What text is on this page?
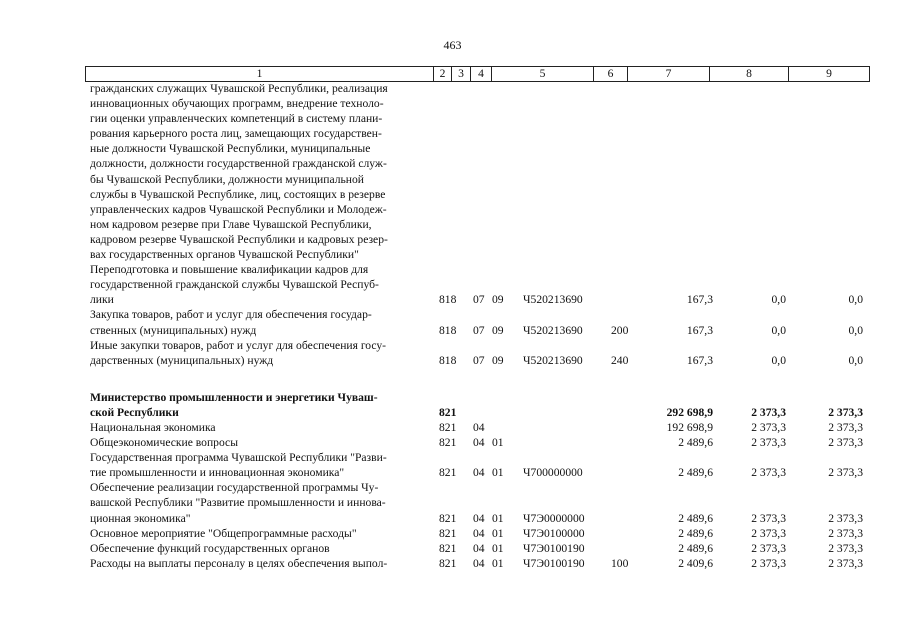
463
1	2	3	4	5	6	7	8	9
гражданских служащих Чувашской Республики, реализация
инновационных обучающих программ, внедрение техноло-
гии оценки управленческих компетенций в систему плани-
рования карьерного роста лиц, замещающих государствен-
ные должности Чувашской Республики, муниципальные
должности, должности государственной гражданской служ-
бы Чувашской Республики, должности муниципальной
службы в Чувашской Республике, лиц, состоящих в резерве
управленческих кадров Чувашской Республики и Молодеж-
ном кадровом резерве при Главе Чувашской Республики,
кадровом резерве Чувашской Республики и кадровых резер-
вах государственных органов Чувашской Республики"
Переподготовка и повышение квалификации кадров для
государственной гражданской службы Чувашской Респуб-
лики	818 07 09 Ч520213690	167,3	0,0	0,0
Закупка товаров, работ и услуг для обеспечения государ-
ственных (муниципальных) нужд	818 07 09 Ч520213690 200	167,3	0,0	0,0
Иные закупки товаров, работ и услуг для обеспечения госу-
дарственных (муниципальных) нужд	818 07 09 Ч520213690 240	167,3	0,0	0,0
Министерство промышленности и энергетики Чуваш-
ской Республики	821	292 698,9	2 373,3	2 373,3
Национальная экономика	821 04	192 698,9	2 373,3	2 373,3
Общеэкономические вопросы	821 04 01	2 489,6	2 373,3	2 373,3
Государственная программа Чувашской Республики "Разви-
тие промышленности и инновационная экономика"	821 04 01 Ч700000000	2 489,6	2 373,3	2 373,3
Обеспечение реализации государственной программы Чу-
вашской Республики "Развитие промышленности и иннова-
ционная экономика"	821 04 01 Ч7Э0000000	2 489,6	2 373,3	2 373,3
Основное мероприятие "Общепрограммные расходы"	821 04 01 Ч7Э0100000	2 489,6	2 373,3	2 373,3
Обеспечение функций государственных органов	821 04 01 Ч7Э0100190	2 489,6	2 373,3	2 373,3
Расходы на выплаты персоналу в целях обеспечения выпол-	821 04 01 Ч7Э0100190 100	2 409,6	2 373,3	2 373,3
